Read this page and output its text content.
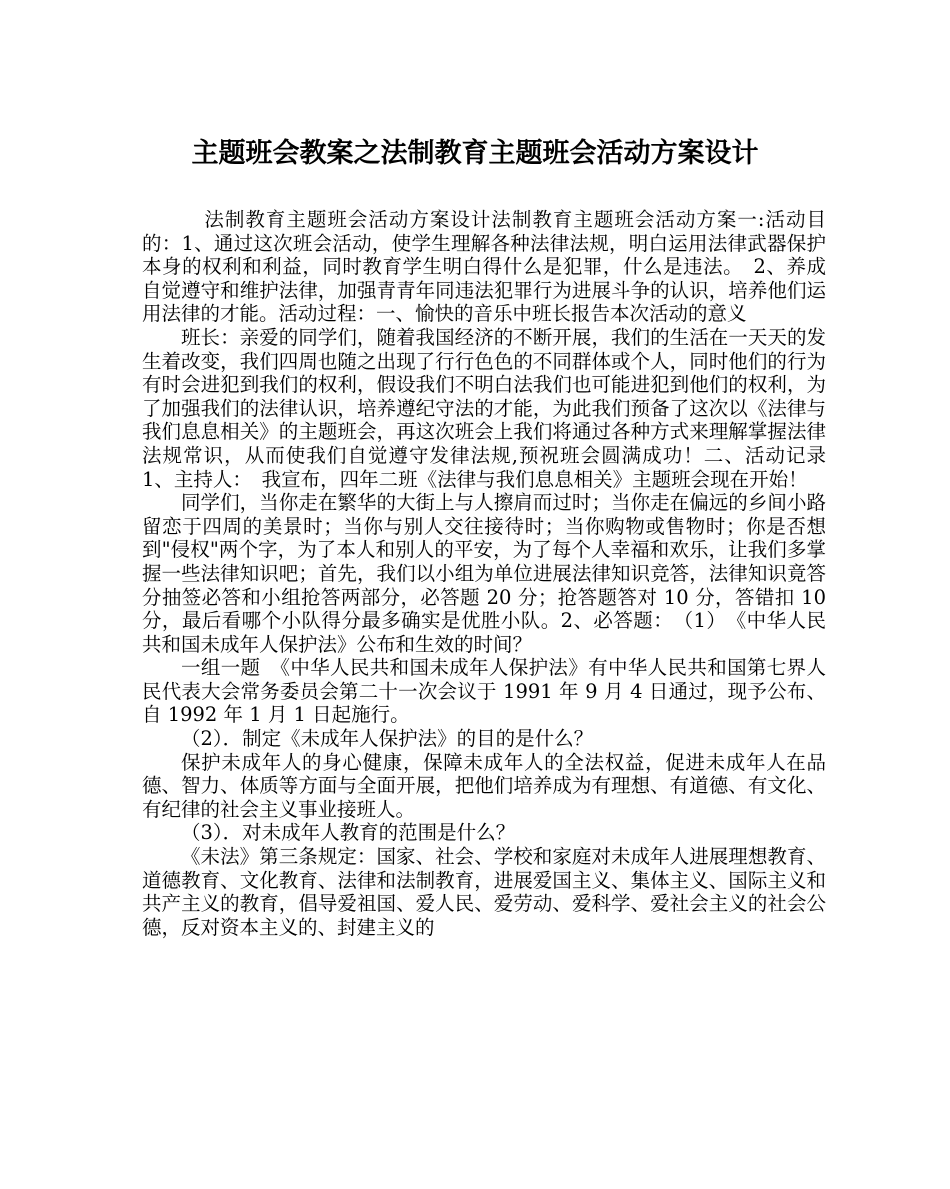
主题班会教案之法制教育主题班会活动方案设计

法制教育主题班会活动方案设计法制教育主题班会活动方案一:活动目的：1、通过这次班会活动，使学生理解各种法律法规，明白运用法律武器保护本身的权利和利益，同时教育学生明白得什么是犯罪，什么是违法。　2、养成自觉遵守和维护法律，加强青青年同违法犯罪行为进展斗争的认识，培养他们运用法律的才能。活动过程：一、愉快的音乐中班长报告本次活动的意义

班长：亲爱的同学们，随着我国经济的不断开展，我们的生活在一天天的发生着改变，我们四周也随之出现了行行色色的不同群体或个人，同时他们的行为有时会进犯到我们的权利，假设我们不明白法我们也可能进犯到他们的权利，为了加强我们的法律认识，培养遵纪守法的才能，为此我们预备了这次以《法律与我们息息相关》的主题班会，再这次班会上我们将通过各种方式来理解掌握法律法规常识，从而使我们自觉遵守发律法规,预祝班会圆满成功！二、活动记录 1、主持人：　我宣布，四年二班《法律与我们息息相关》主题班会现在开始！

同学们，当你走在繁华的大街上与人擦肩而过时；当你走在偏远的乡间小路留恋于四周的美景时；当你与别人交往接待时；当你购物或售物时；你是否想到"侵权"两个字，为了本人和别人的平安，为了每个人幸福和欢乐，让我们多掌握一些法律知识吧；首先，我们以小组为单位进展法律知识竞答，法律知识竟答分抽签必答和小组抢答两部分，必答题 20 分；抢答题答对 10 分，答错扣 10 分，最后看哪个小队得分最多确实是优胜小队。2、必答题：　（1）　《中华人民共和国未成年人保护法》公布和生效的时间？

一组一题　《中华人民共和国未成年人保护法》有中华人民共和国第七界人民代表大会常务委员会第二十一次会议于 1991 年 9 月 4 日通过，现予公布、自 1992 年 1 月 1 日起施行。

（2）．制定《未成年人保护法》的目的是什么？

保护未成年人的身心健康，保障未成年人的全法权益，促进未成年人在品德、智力、体质等方面与全面开展，把他们培养成为有理想、有道德、有文化、有纪律的社会主义事业接班人。

（3）．对未成年人教育的范围是什么？

《未法》第三条规定：国家、社会、学校和家庭对未成年人进展理想教育、道德教育、文化教育、法律和法制教育，进展爱国主义、集体主义、国际主义和共产主义的教育，倡导爱祖国、爱人民、爱劳动、爱科学、爱社会主义的社会公德，反对资本主义的、封建主义的
